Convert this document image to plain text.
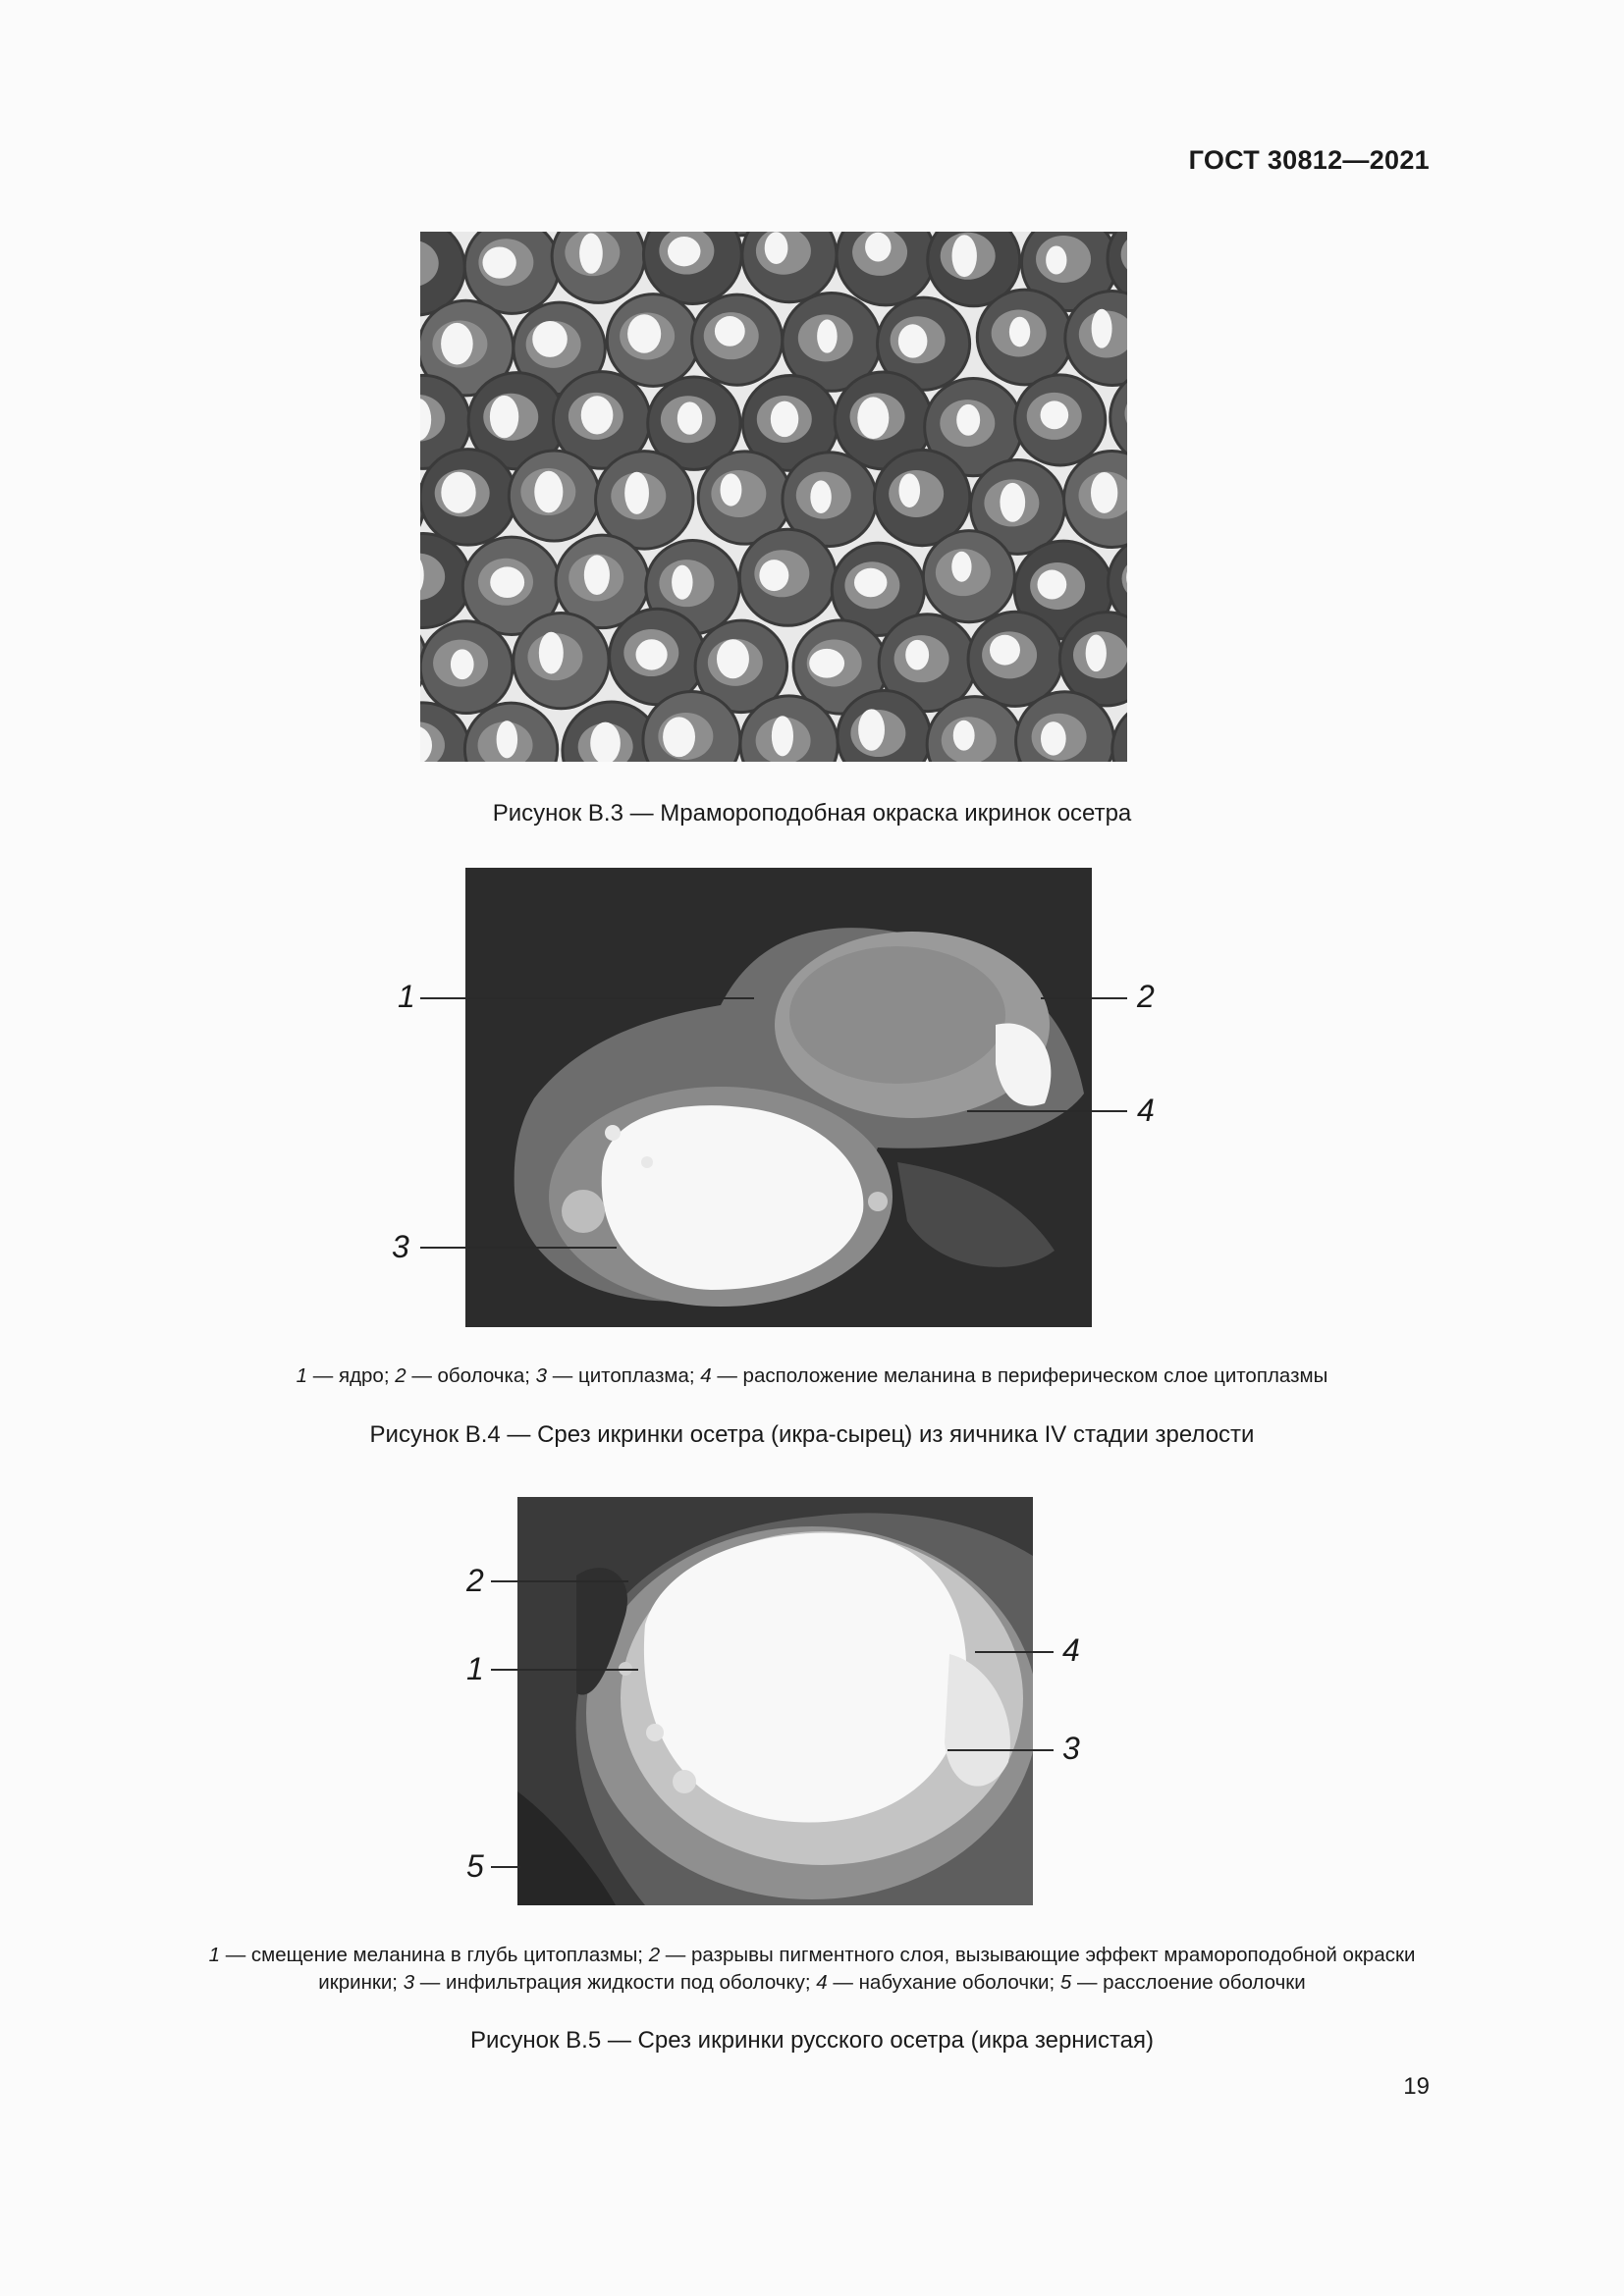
ГОСТ 30812—2021
Рисунок В.3 — Мрамороподобная окраска икринок осетра
1	2
3
4
1 — ядро; 2 — оболочка; 3 — цитоплазма; 4 — расположение меланина в периферическом слое цитоплазмы
Рисунок В.4 — Срез икринки осетра (икра-сырец) из яичника IV стадии зрелости
2
1
5
4
3
1 — смещение меланина в глубь цитоплазмы; 2 — разрывы пигментного слоя, вызывающие эффект мрамороподобной окраски
икринки; 3 — инфильтрация жидкости под оболочку; 4 — набухание оболочки; 5 — расслоение оболочки
Рисунок В.5 — Срез икринки русского осетра (икра зернистая)
19
